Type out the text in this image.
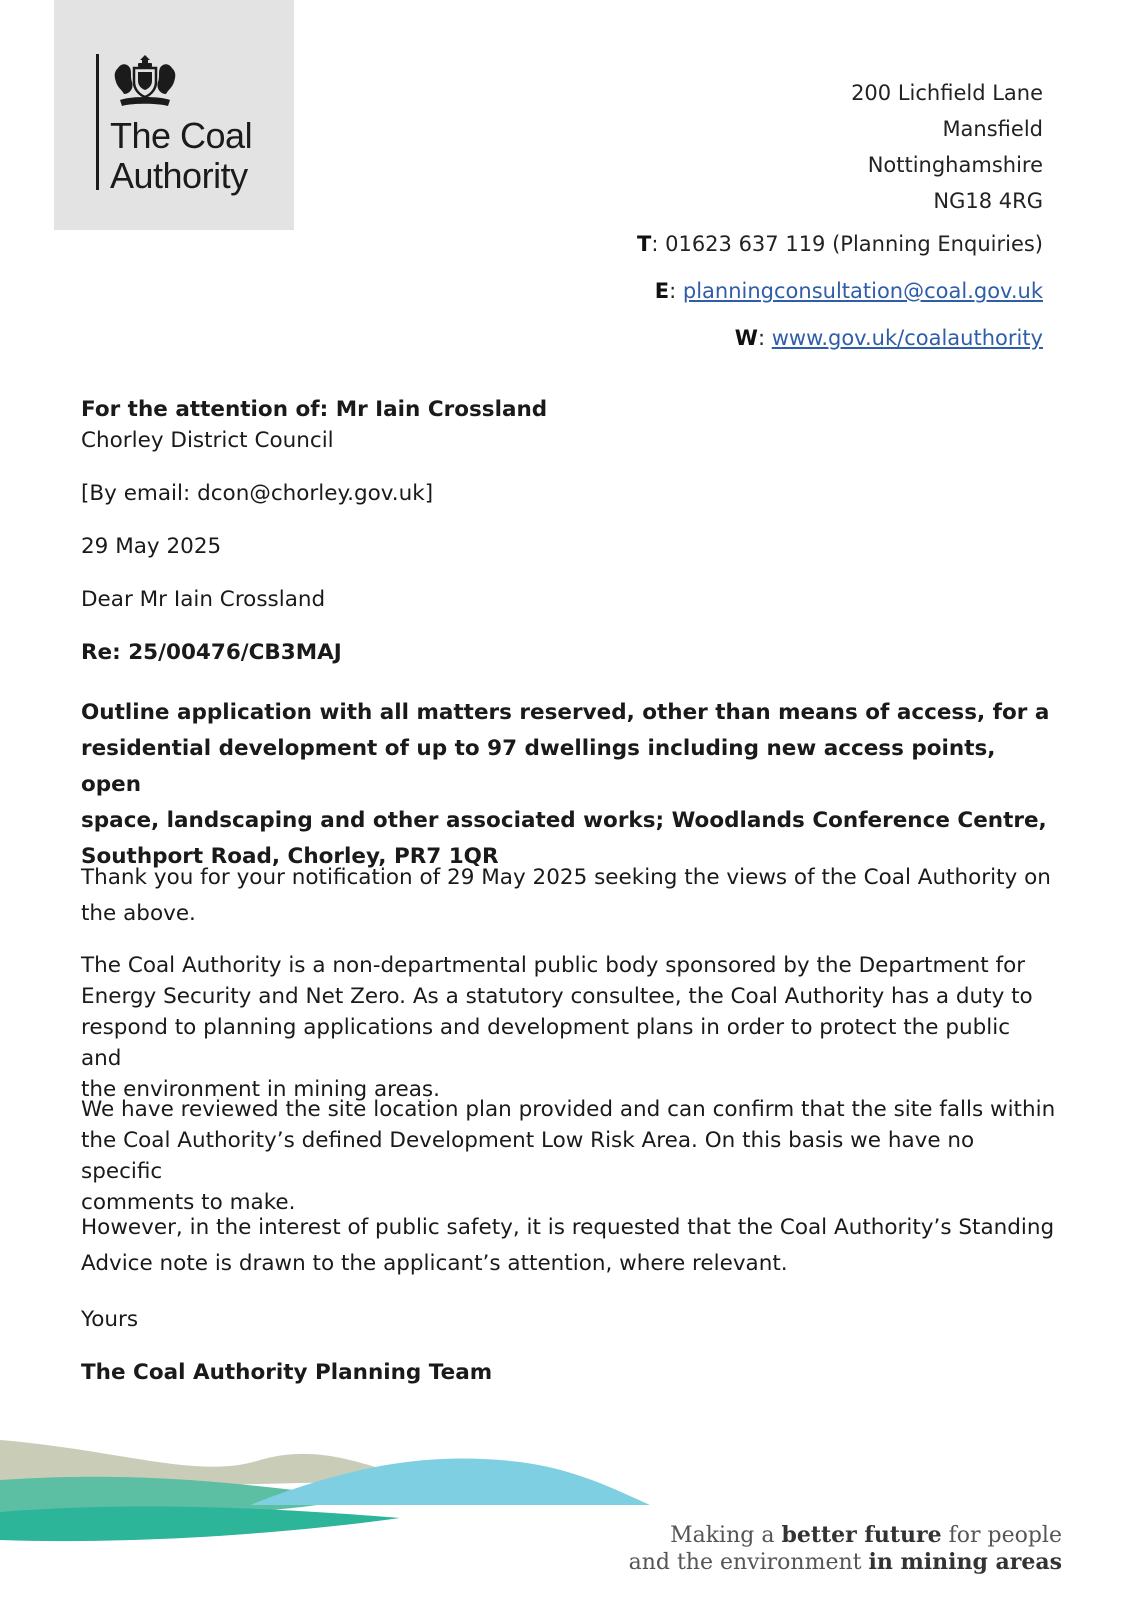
The Coal
Authority
200 Lichfield Lane
Mansfield
Nottinghamshire
NG18 4RG
T: 01623 637 119 (Planning Enquiries)
E: planningconsultation@coal.gov.uk
W: www.gov.uk/coalauthority
For the attention of: Mr Iain Crossland
Chorley District Council
[By email: dcon@chorley.gov.uk]
29 May 2025
Dear Mr Iain Crossland
Re: 25/00476/CB3MAJ
Outline application with all matters reserved, other than means of access, for a
residential development of up to 97 dwellings including new access points, open
space, landscaping and other associated works; Woodlands Conference Centre,
Southport Road, Chorley, PR7 1QR
Thank you for your notification of 29 May 2025 seeking the views of the Coal Authority on
the above.
The Coal Authority is a non-departmental public body sponsored by the Department for
Energy Security and Net Zero. As a statutory consultee, the Coal Authority has a duty to
respond to planning applications and development plans in order to protect the public and
the environment in mining areas.
We have reviewed the site location plan provided and can confirm that the site falls within
the Coal Authority’s defined Development Low Risk Area. On this basis we have no specific
comments to make.
However, in the interest of public safety, it is requested that the Coal Authority’s Standing
Advice note is drawn to the applicant’s attention, where relevant.
Yours
The Coal Authority Planning Team
Making a better future for people
and the environment in mining areas
